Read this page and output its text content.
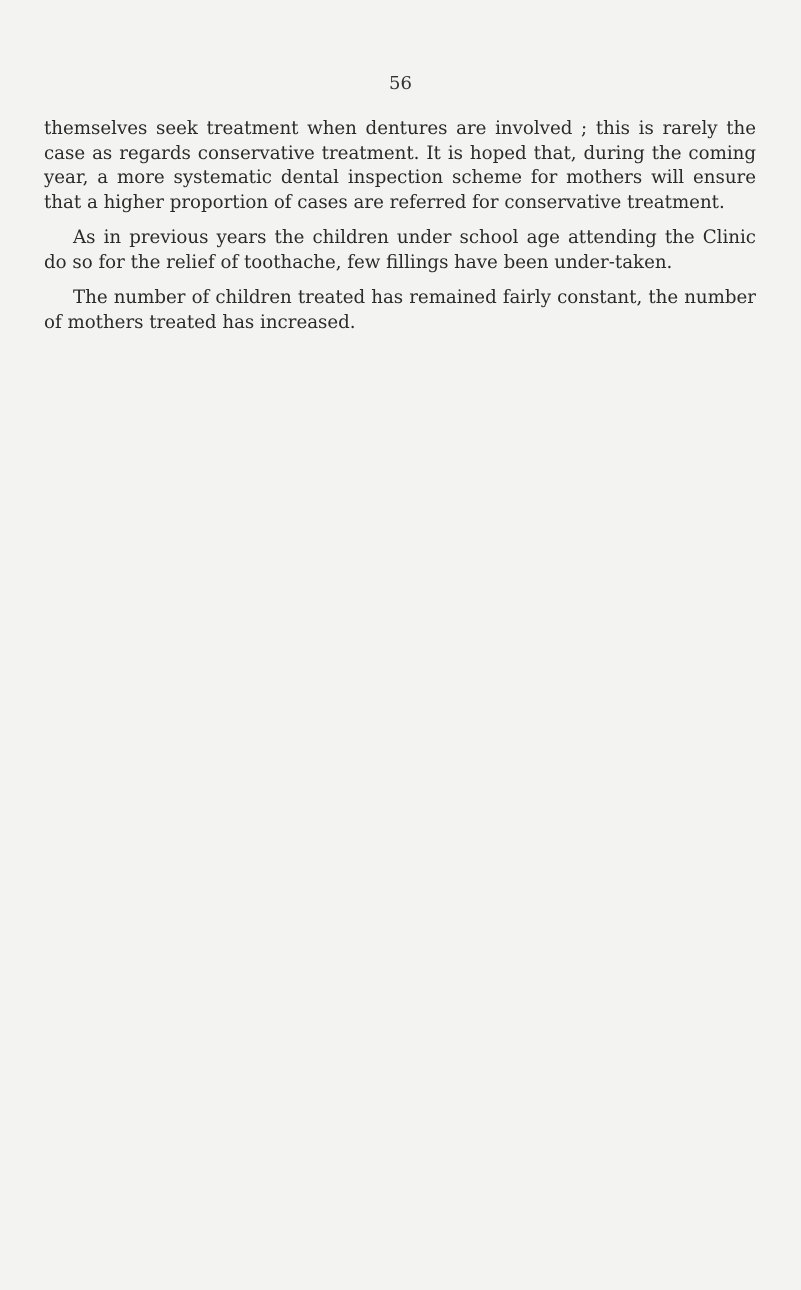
56

themselves seek treatment when dentures are involved ; this is rarely the case as regards conservative treatment. It is hoped that, during the coming year, a more systematic dental inspection scheme for mothers will ensure that a higher proportion of cases are referred for conservative treatment.

As in previous years the children under school age attending the Clinic do so for the relief of toothache, few fillings have been under-taken.

The number of children treated has remained fairly constant, the number of mothers treated has increased.
